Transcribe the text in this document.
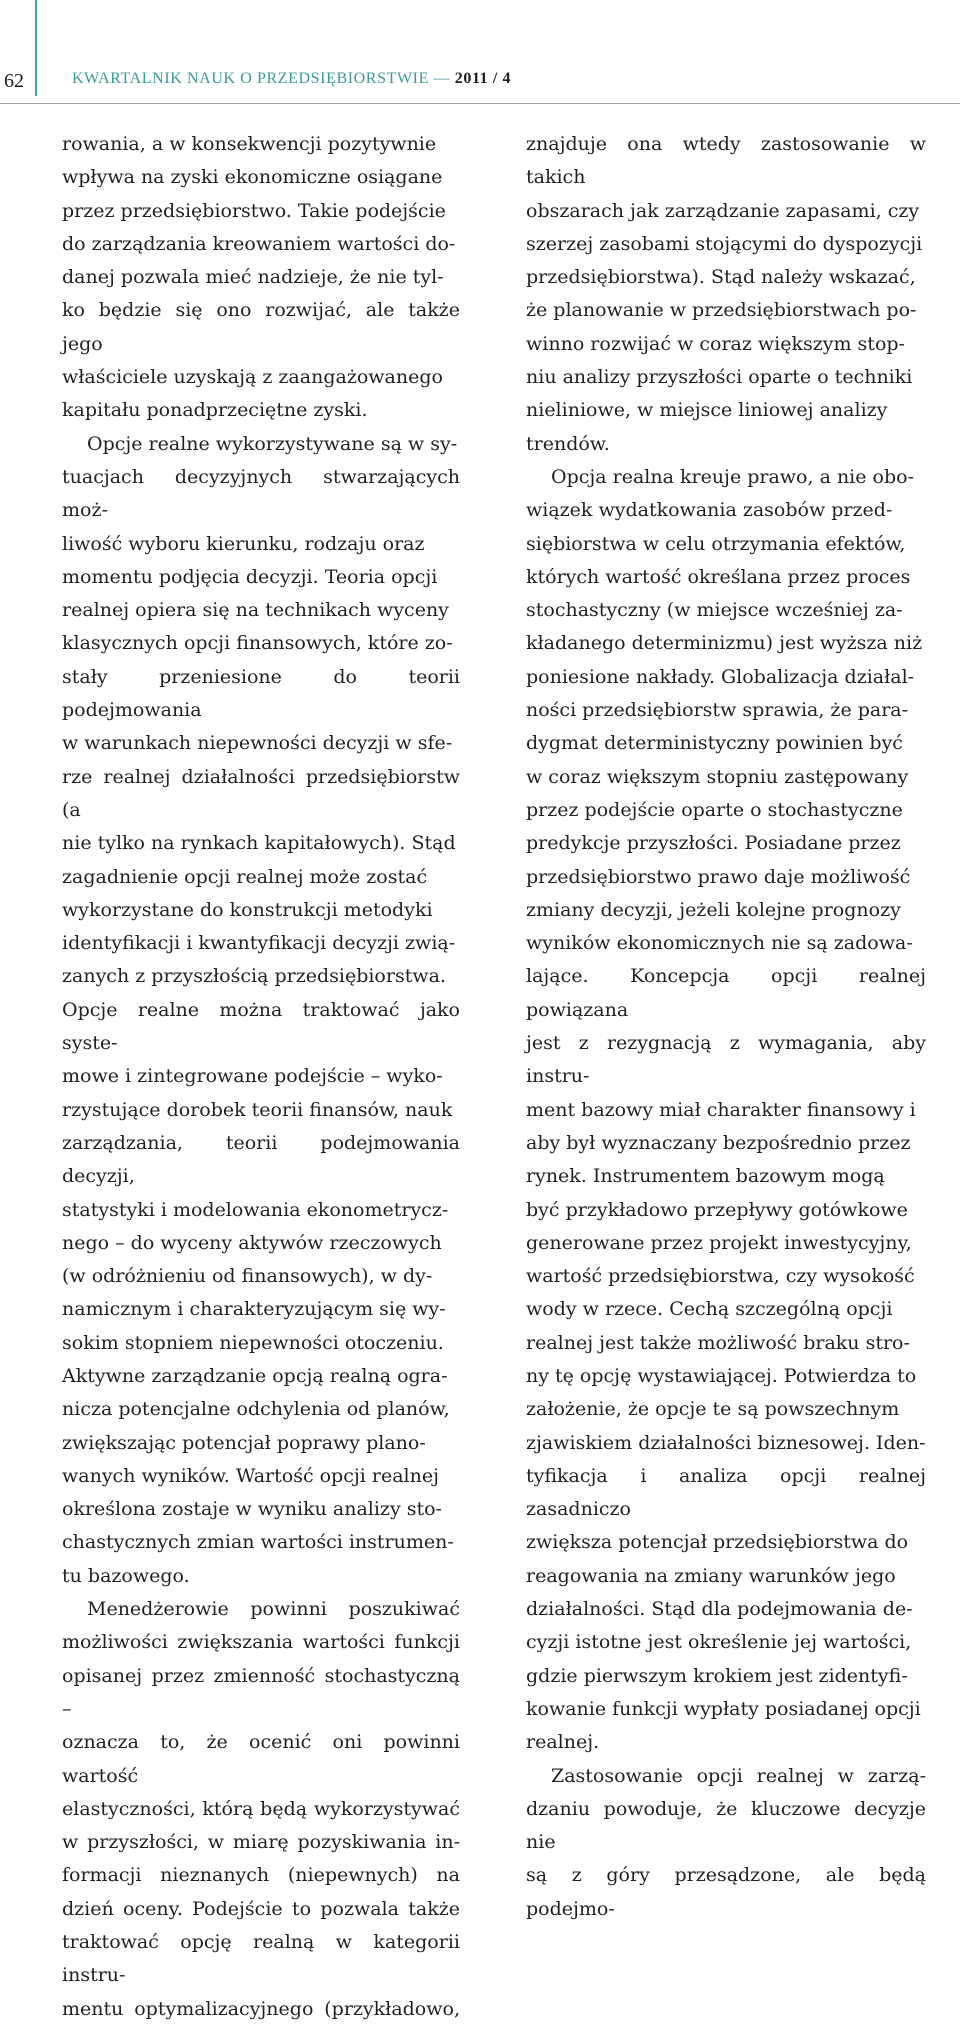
62	KWARTALNIK NAUK O PRZEDSIĘBIORSTWIE — 2011 / 4

rowania, a w konsekwencji pozytywnie
wpływa na zyski ekonomiczne osiągane
przez przedsiębiorstwo. Takie podejście
do zarządzania kreowaniem wartości do-
danej pozwala mieć nadzieje, że nie tyl-
ko będzie się ono rozwijać, ale także jego
właściciele uzyskają z zaangażowanego
kapitału ponadprzeciętne zyski.

Opcje realne wykorzystywane są w sy-
tuacjach decyzyjnych stwarzających moż-
liwość wyboru kierunku, rodzaju oraz
momentu podjęcia decyzji. Teoria opcji
realnej opiera się na technikach wyceny
klasycznych opcji finansowych, które zo-
stały przeniesione do teorii podejmowania
w warunkach niepewności decyzji w sfe-
rze realnej działalności przedsiębiorstw (a
nie tylko na rynkach kapitałowych). Stąd
zagadnienie opcji realnej może zostać
wykorzystane do konstrukcji metodyki
identyfikacji i kwantyfikacji decyzji zwią-
zanych z przyszłością przedsiębiorstwa.
Opcje realne można traktować jako syste-
mowe i zintegrowane podejście – wyko-
rzystujące dorobek teorii finansów, nauk
zarządzania, teorii podejmowania decyzji,
statystyki i modelowania ekonometrycz-
nego – do wyceny aktywów rzeczowych
(w odróżnieniu od finansowych), w dy-
namicznym i charakteryzującym się wy-
sokim stopniem niepewności otoczeniu.
Aktywne zarządzanie opcją realną ogra-
nicza potencjalne odchylenia od planów,
zwiększając potencjał poprawy plano-
wanych wyników. Wartość opcji realnej
określona zostaje w wyniku analizy sto-
chastycznych zmian wartości instrumen-
tu bazowego.

Menedżerowie powinni poszukiwać
możliwości zwiększania wartości funkcji
opisanej przez zmienność stochastyczną –
oznacza to, że ocenić oni powinni wartość
elastyczności, którą będą wykorzystywać
w przyszłości, w miarę pozyskiwania in-
formacji nieznanych (niepewnych) na
dzień oceny. Podejście to pozwala także
traktować opcję realną w kategorii instru-
mentu optymalizacyjnego (przykładowo,

znajduje ona wtedy zastosowanie w takich
obszarach jak zarządzanie zapasami, czy
szerzej zasobami stojącymi do dyspozycji
przedsiębiorstwa). Stąd należy wskazać,
że planowanie w przedsiębiorstwach po-
winno rozwijać w coraz większym stop-
niu analizy przyszłości oparte o techniki
nieliniowe, w miejsce liniowej analizy
trendów.

Opcja realna kreuje prawo, a nie obo-
wiązek wydatkowania zasobów przed-
siębiorstwa w celu otrzymania efektów,
których wartość określana przez proces
stochastyczny (w miejsce wcześniej za-
kładanego determinizmu) jest wyższa niż
poniesione nakłady. Globalizacja działal-
ności przedsiębiorstw sprawia, że para-
dygmat deterministyczny powinien być
w coraz większym stopniu zastępowany
przez podejście oparte o stochastyczne
predykcje przyszłości. Posiadane przez
przedsiębiorstwo prawo daje możliwość
zmiany decyzji, jeżeli kolejne prognozy
wyników ekonomicznych nie są zadowa-
lające. Koncepcja opcji realnej powiązana
jest z rezygnacją z wymagania, aby instru-
ment bazowy miał charakter finansowy i
aby był wyznaczany bezpośrednio przez
rynek. Instrumentem bazowym mogą
być przykładowo przepływy gotówkowe
generowane przez projekt inwestycyjny,
wartość przedsiębiorstwa, czy wysokość
wody w rzece. Cechą szczególną opcji
realnej jest także możliwość braku stro-
ny tę opcję wystawiającej. Potwierdza to
założenie, że opcje te są powszechnym
zjawiskiem działalności biznesowej. Iden-
tyfikacja i analiza opcji realnej zasadniczo
zwiększa potencjał przedsiębiorstwa do
reagowania na zmiany warunków jego
działalności. Stąd dla podejmowania de-
cyzji istotne jest określenie jej wartości,
gdzie pierwszym krokiem jest zidentyfi-
kowanie funkcji wypłaty posiadanej opcji
realnej.

Zastosowanie opcji realnej w zarzą-
dzaniu powoduje, że kluczowe decyzje nie
są z góry przesądzone, ale będą podejmo-
